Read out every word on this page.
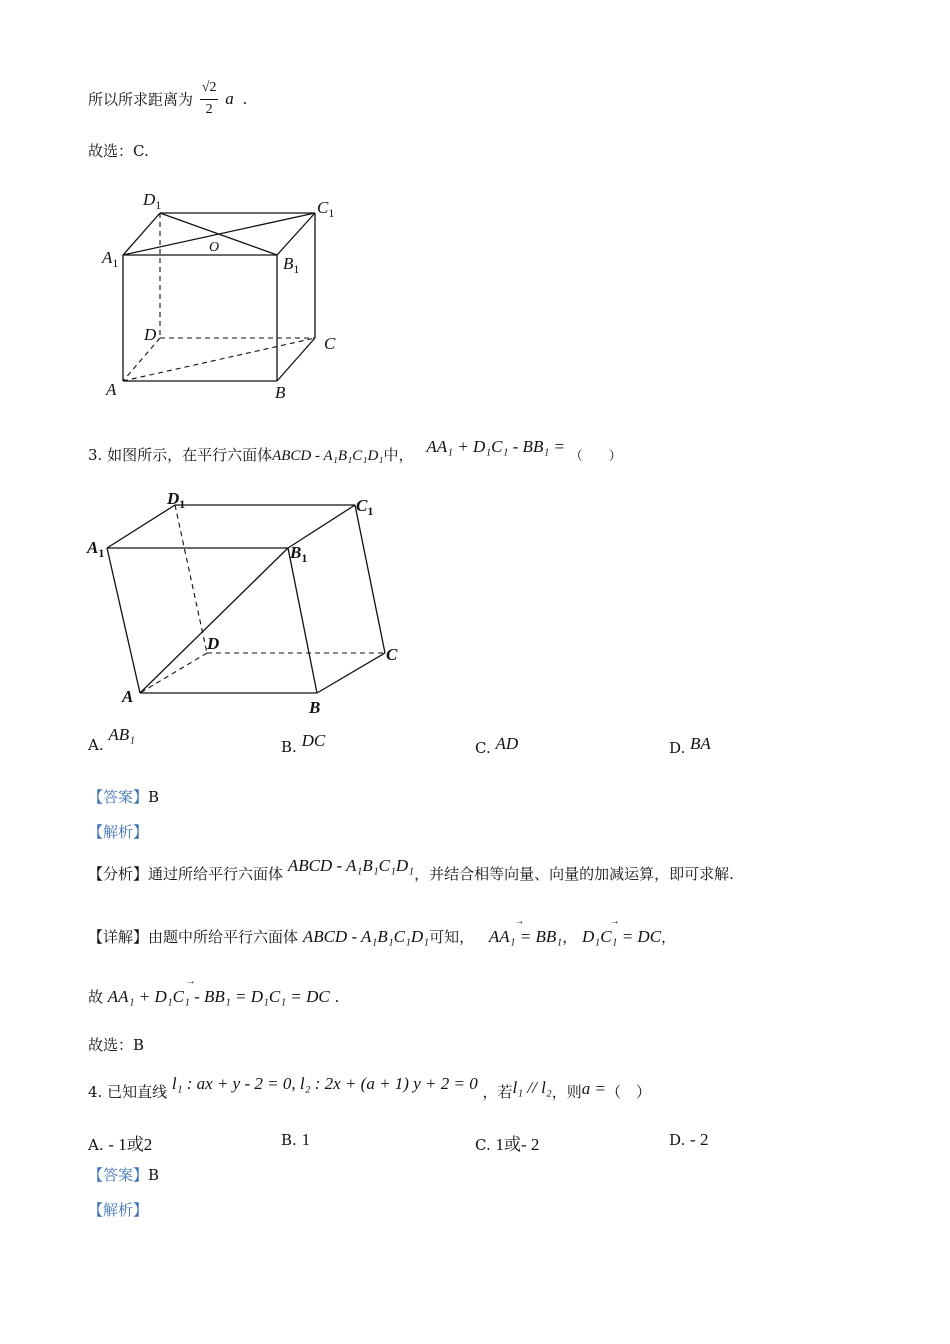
所以所求距离为 $\frac{√2}{2}$ a .
故选：C.
$D_1$	$C_1$
$A_1$	$B_1$
O
D	C
A	B
3. 如图所示，在平行六面体ABCD - A₁B₁C₁D₁中， AA₁ + D₁C₁ - BB₁ = （　　）
$D_1$	$C_1$
$A_1$	$B_1$
D
C
A
B
A. AB₁
B. DC	C. AD	D. BA
【答案】B
【解析】
【分析】通过所给平行六面体 ABCD - A₁B₁C₁D₁，并结合相等向量、向量的加减运算，即可求解.
【详解】由题中所给平行六面体 ABCD - A₁B₁C₁D₁可知， → AA₁ = BB₁， → D₁C₁ = DC，
故 → AA₁ + D₁C₁ - BB₁ = D₁C₁ = DC .
故选：B
4. 已知直线 l₁ : ax + y - 2 = 0, l₂ : 2x + (a + 1) y + 2 = 0 ，若l₁ // l₂，则a =（　）
A. - 1或2	B. 1	C. 1或- 2	D. - 2
【答案】B
【解析】
